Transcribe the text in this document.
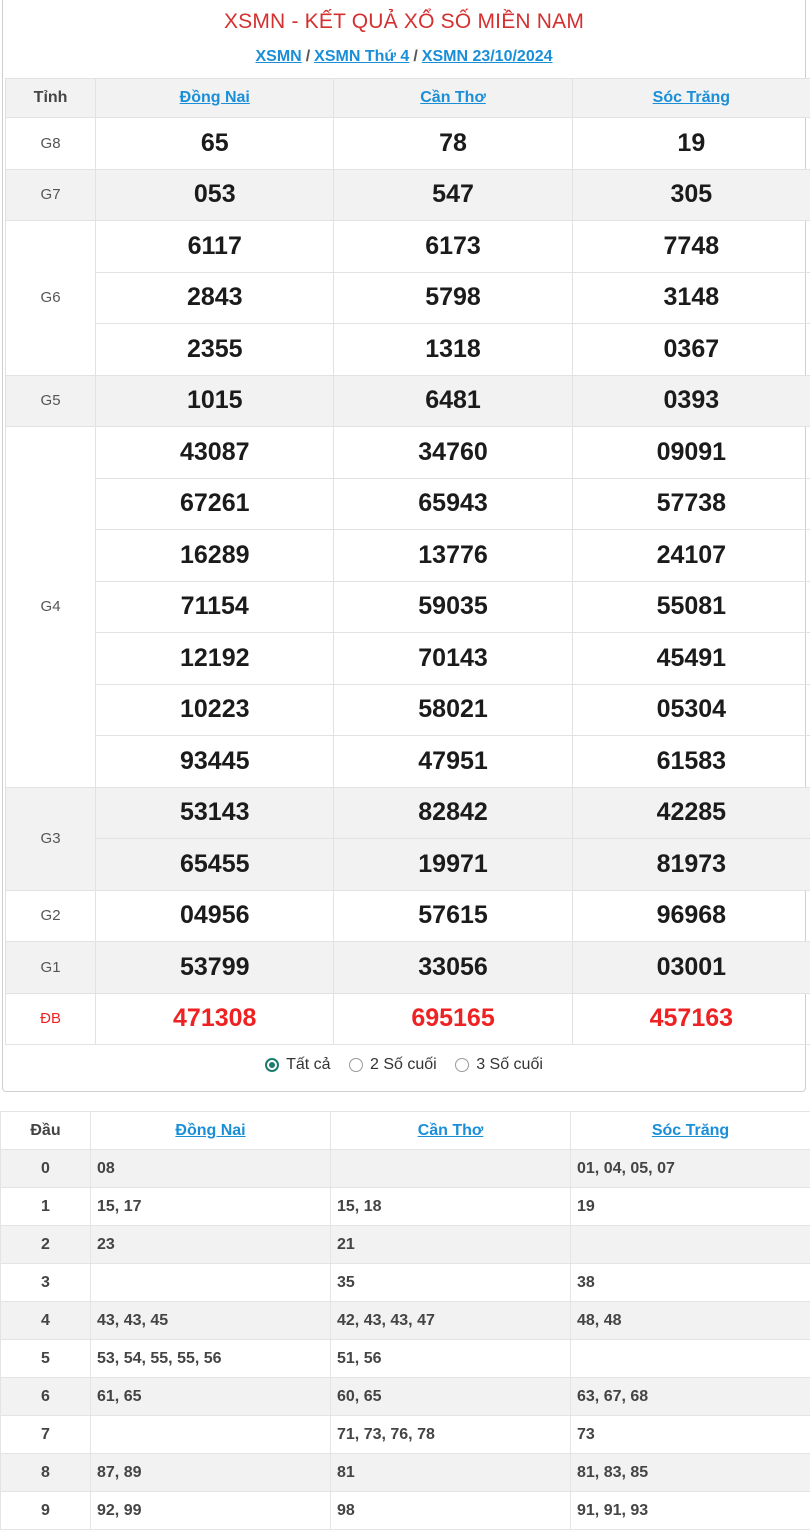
XSMN - KẾT QUẢ XỔ SỐ MIỀN NAM
XSMN / XSMN Thứ 4 / XSMN 23/10/2024
Tỉnh	Đồng Nai	Cần Thơ	Sóc Trăng
G8	65	78	19
G7	053	547	305
G6	6117	6173	7748
	2843	5798	3148
	2355	1318	0367
G5	1015	6481	0393
G4	43087	34760	09091
	67261	65943	57738
	16289	13776	24107
	71154	59035	55081
	12192	70143	45491
	10223	58021	05304
	93445	47951	61583
G3	53143	82842	42285
	65455	19971	81973
G2	04956	57615	96968
G1	53799	33056	03001
ĐB	471308	695165	457163
Tất cả
2 Số cuối
3 Số cuối
Đầu	Đồng Nai	Cần Thơ	Sóc Trăng
0	08		01, 04, 05, 07
1	15, 17	15, 18	19
2	23	21	
3		35	38
4	43, 43, 45	42, 43, 43, 47	48, 48
5	53, 54, 55, 55, 56	51, 56	
6	61, 65	60, 65	63, 67, 68
7		71, 73, 76, 78	73
8	87, 89	81	81, 83, 85
9	92, 99	98	91, 91, 93
